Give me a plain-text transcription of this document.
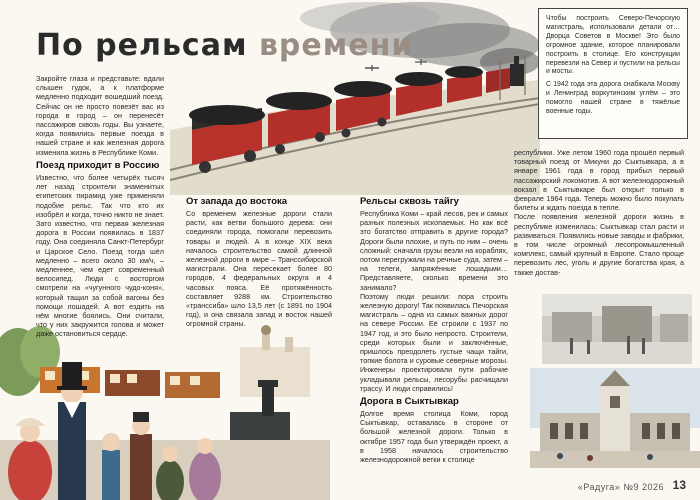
По рельсам времени
Закройте глаза и представьте: вдали слышен гудок, а к платформе медленно подходит вошедший поезд. Сейчас он не просто повезёт вас из города в город – он перенесёт пассажиров сквозь годы. Вы узнаете, когда появились первые поезда в нашей стране и как железная дорога изменила жизнь в Республике Коми.
Поезд приходит в Россию
Известно, что более четырёх тысяч лет назад строители знаменитых египетских пирамид уже применяли подобие рельс. Так что кто их изобрёл и когда, точно никто не знает. Зато известно, что первая железная дорога в России появилась в 1837 году. Она соединяла Санкт-Петербург и Царское Село. Поезд тогда шёл медленно – всего около 30 км/ч, – медленнее, чем едет современный велосипед. Люди с восторгом смотрели на «чугунного чудо-коня», который тащил за собой вагоны без помощи лошадей. А вот ездить на нём многие боялись. Они считали, что у них закружится голова и может даже остановиться сердце.
От запада до востока
Со временем железные дороги стали расти, как ветви большого дерева: они соединяли города, помогали перевозить товары и людей. А в конце XIX века началось строительство самой длинной железной дороги в мире – Транссибирской магистрали. Она пересекает более 80 городов, 4 федеральных округа и 4 часовых пояса. Её протяжённость составляет 9288 км. Строительство «транссиба» шло 13,5 лет (с 1891 по 1904 год), и она связала запад и восток нашей огромной страны.
Рельсы сквозь тайгу
Республика Коми – край лесов, рек и самых разных полезных ископаемых. Но как всё это богатство отправить в другие города? Дороги были плохие, и путь по ним – очень сложный: сначала грузы везли на кораблях, потом перегружали на речные суда, затем – на телеги, запряжённые лошадьми… Представляете, сколько времени это занимало?
Поэтому люди решили: пора строить железную дорогу! Так появилась Печорская магистраль – одна из самых важных дорог на севере России. Её строили с 1937 по 1947 год, и это было непросто. Строители, среди которых были и заключённые, пришлось преодолеть густые чащи тайги, топкие болота и суровые северные морозы. Инженеры проектировали пути рабочие укладывали рельсы, лесорубы расчищали трассу. И люди справились!
Дорога в Сыктывкар
Долгое время столица Коми, город Сыктывкар, оставалась в стороне от большой железной дороги. Только в октябре 1957 года был утверждён проект, а в 1958 началось строительство железнодорожной ветки к столице
республики. Уже летом 1960 года прошёл первый товарный поезд от Микуни до Сыктывкара, а в январе 1961 года в город прибыл первый пассажирский локомотив. А вот железнодорожный вокзал в Сыктывкаре был открыт только в феврале 1964 года. Теперь можно было покупать билеты и ждать поезда в тепле.
После появления железной дороги жизнь в республике изменилась: Сыктывкар стал расти и развиваться. Появились новые заводы и фабрики, в том числе огромный лесопромышленный комплекс, самый крупный в Европе. Стало проще перевозить лес, уголь и другие богатства края, а также достав-
Чтобы построить Северо-Печорскую магистраль, использовали детали от… Дворца Советов в Москве! Это было огромное здание, которое планировали построить в столице. Его конструкции перевезли на Север и пустили на рельсы и мосты.
С 1942 года эта дорога снабжала Москву и Ленинград воркутинским углём – это помогло нашей стране в тяжёлые военные годы.
«Радуга» №9 2026 13
